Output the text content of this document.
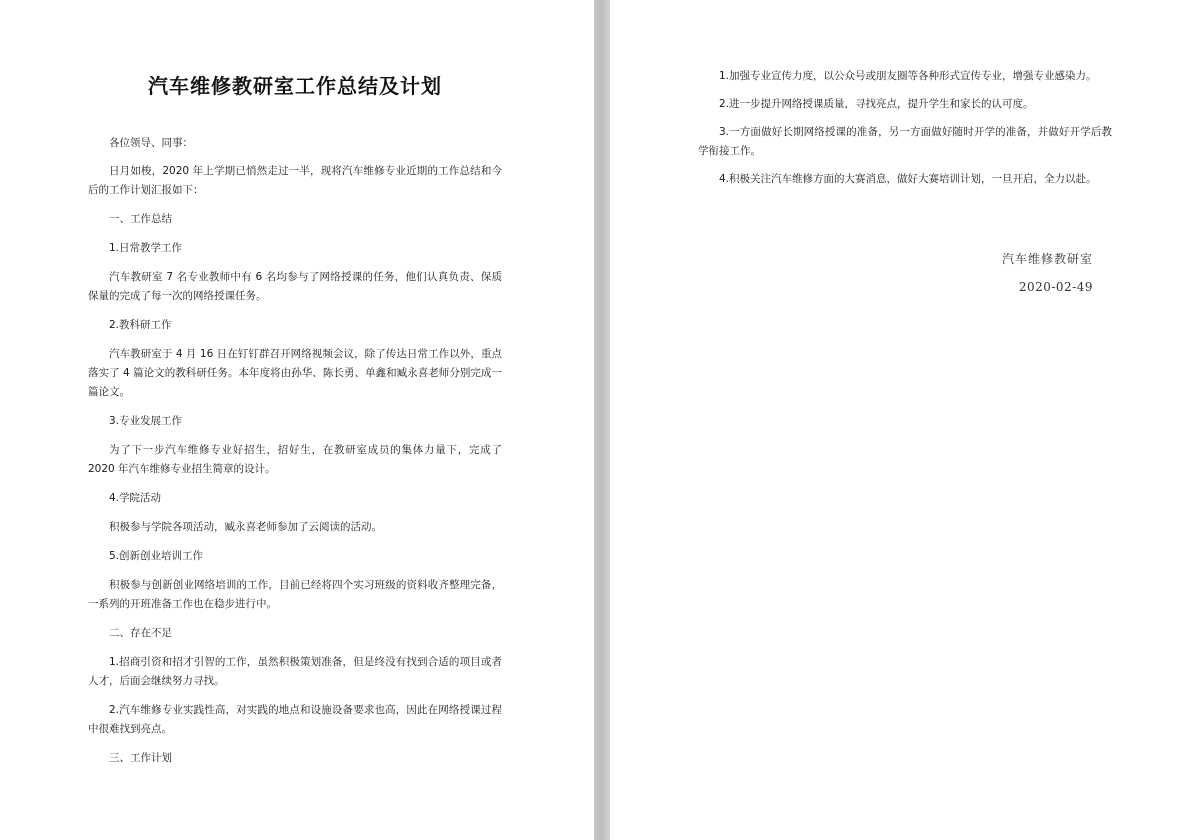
汽车维修教研室工作总结及计划

各位领导、同事：

日月如梭，2020 年上学期已悄然走过一半，现将汽车维修专业近期的工作总结和今后的工作计划汇报如下：

一、工作总结

1.日常教学工作

汽车教研室 7 名专业教师中有 6 名均参与了网络授课的任务，他们认真负责、保质保量的完成了每一次的网络授课任务。

2.教科研工作

汽车教研室于 4 月 16 日在钉钉群召开网络视频会议，除了传达日常工作以外，重点落实了 4 篇论文的教科研任务。本年度将由孙华、陈长勇、单鑫和臧永喜老师分别完成一篇论文。

3.专业发展工作

为了下一步汽车维修专业好招生，招好生，在教研室成员的集体力量下，完成了 2020 年汽车维修专业招生简章的设计。

4.学院活动

积极参与学院各项活动，臧永喜老师参加了云阅读的活动。

5.创新创业培训工作

积极参与创新创业网络培训的工作，目前已经将四个实习班级的资料收齐整理完备，一系列的开班准备工作也在稳步进行中。

二、存在不足

1.招商引资和招才引智的工作，虽然积极策划准备，但是终没有找到合适的项目或者人才，后面会继续努力寻找。

2.汽车维修专业实践性高，对实践的地点和设施设备要求也高，因此在网络授课过程中很难找到亮点。

三、工作计划

1.加强专业宣传力度，以公众号或朋友圈等各种形式宣传专业，增强专业感染力。

2.进一步提升网络授课质量，寻找亮点，提升学生和家长的认可度。

3.一方面做好长期网络授课的准备，另一方面做好随时开学的准备，并做好开学后教学衔接工作。

4.积极关注汽车维修方面的大赛消息，做好大赛培训计划，一旦开启，全力以赴。

汽车维修教研室
2020-02-49
